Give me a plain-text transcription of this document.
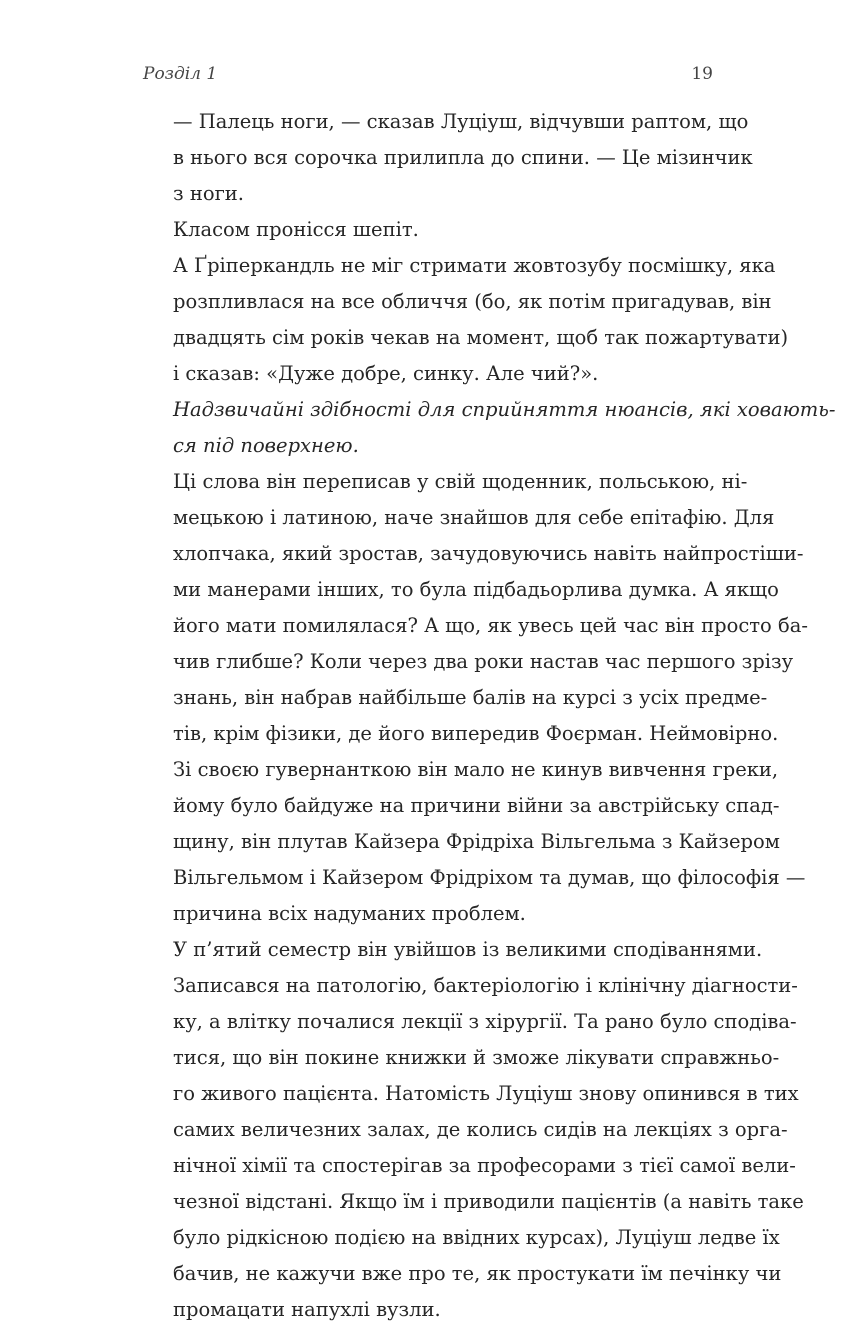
Розділ 1	19

— Палець ноги, — сказав Луціуш, відчувши раптом, що
в нього вся сорочка прилипла до спини. — Це мізинчик
з ноги.

Класом пронісся шепіт.

А Ґріперкандль не міг стримати жовтозубу посмішку, яка
розпливлася на все обличчя (бо, як потім пригадував, він
двадцять сім років чекав на момент, щоб так пожартувати)
і сказав: «Дуже добре, синку. Але чий?».

Надзвичайні здібності для сприйняття нюансів, які ховають-
ся під поверхнею.

Ці слова він переписав у свій щоденник, польською, ні-
мецькою і латиною, наче знайшов для себе епітафію. Для
хлопчака, який зростав, зачудовуючись навіть найпростіши-
ми манерами інших, то була підбадьорлива думка. А якщо
його мати помилялася? А що, як увесь цей час він просто ба-
чив глибше? Коли через два роки настав час першого зрізу
знань, він набрав найбільше балів на курсі з усіх предме-
тів, крім фізики, де його випередив Фоєрман. Неймовірно.
Зі своєю гувернанткою він мало не кинув вивчення греки,
йому було байдуже на причини війни за австрійську спад-
щину, він плутав Кайзера Фрідріха Вільгельма з Кайзером
Вільгельмом і Кайзером Фрідріхом та думав, що філософія —
причина всіх надуманих проблем.

У п’ятий семестр він увійшов із великими сподіваннями.
Записався на патологію, бактеріологію і клінічну діагности-
ку, а влітку почалися лекції з хірургії. Та рано було сподіва-
тися, що він покине книжки й зможе лікувати справжньо-
го живого пацієнта. Натомість Луціуш знову опинився в тих
самих величезних залах, де колись сидів на лекціях з орга-
нічної хімії та спостерігав за професорами з тієї самої вели-
чезної відстані. Якщо їм і приводили пацієнтів (а навіть таке
було рідкісною подією на ввідних курсах), Луціуш ледве їх
бачив, не кажучи вже про те, як простукати їм печінку чи
промацати напухлі вузли.
